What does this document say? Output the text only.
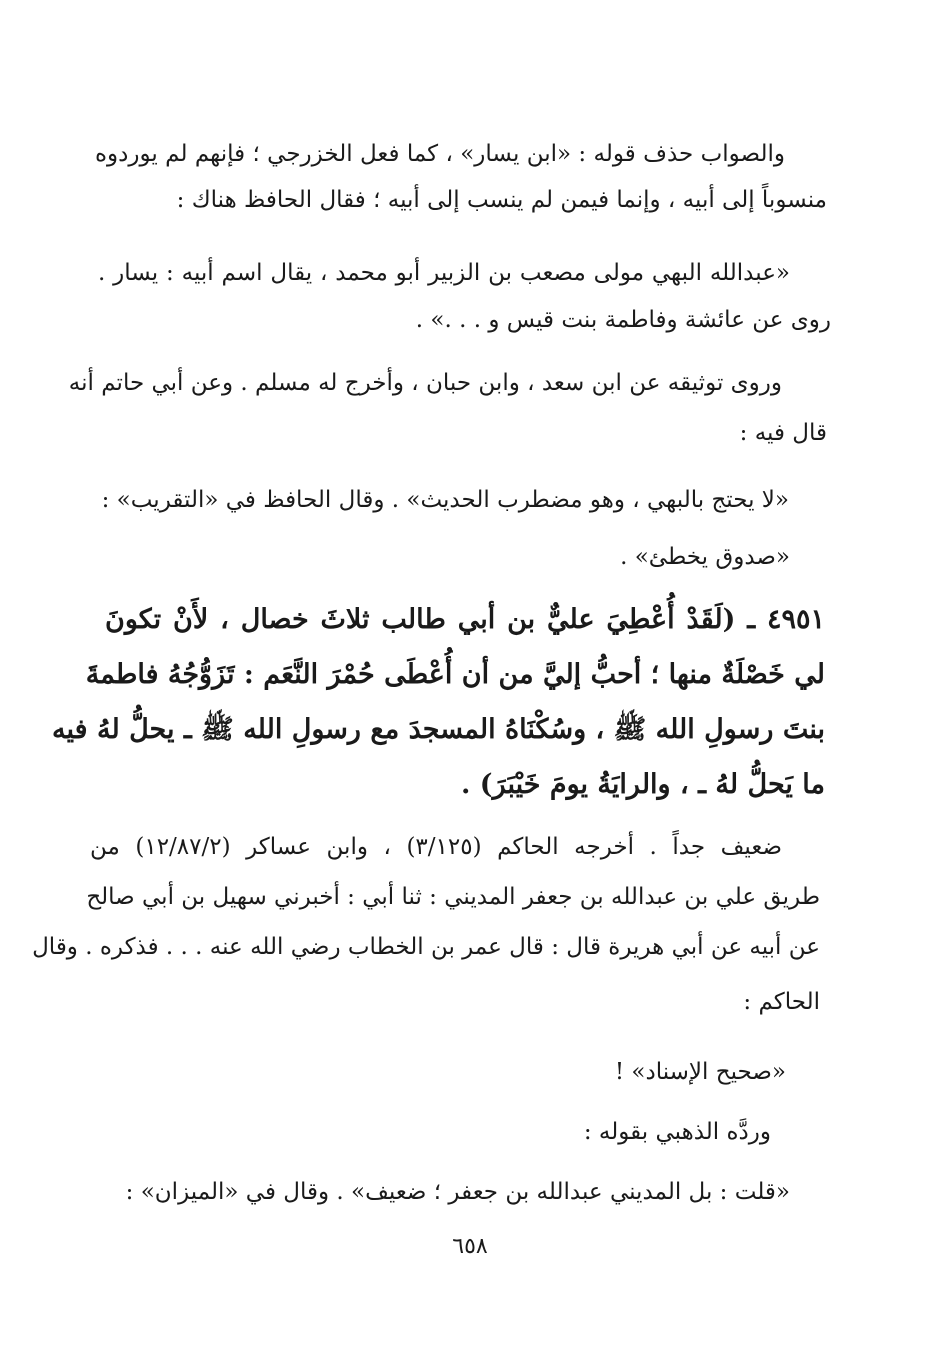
والصواب حذف قوله : «ابن يسار» ، كما فعل الخزرجي ؛ فإنهم لم يوردوه
منسوباً إلى أبيه ، وإنما فيمن لم ينسب إلى أبيه ؛ فقال الحافظ هناك :
«عبدالله البهي مولى مصعب بن الزبير أبو محمد ، يقال اسم أبيه : يسار .
روى عن عائشة وفاطمة بنت قيس و . . .» .
وروى توثيقه عن ابن سعد ، وابن حبان ، وأخرج له مسلم . وعن أبي حاتم أنه
قال فيه :
«لا يحتج بالبهي ، وهو مضطرب الحديث» . وقال الحافظ في «التقريب» :
«صدوق يخطئ» .
٤٩٥١ ـ (لَقَدْ أُعْطِيَ عليٌّ بن أبي طالب ثلاثَ خصال ، لأَنْ تكونَ
لي خَصْلَةٌ منها ؛ أحبُّ إليَّ من أن أُعْطَى حُمْرَ النَّعَم : تَزَوُّجُهُ فاطمةَ
بنتَ رسولِ الله ﷺ ، وسُكْنَاهُ المسجدَ مع رسولِ الله ﷺ ـ يحلُّ لهُ فيه
ما يَحلُّ لهُ ـ ، والرايَةُ يومَ خَيْبَرَ) .
ضعيف جداً . أخرجه الحاكم (٣/١٢٥) ، وابن عساكر (١٢/٨٧/٢) من
طريق علي بن عبدالله بن جعفر المديني : ثنا أبي : أخبرني سهيل بن أبي صالح
عن أبيه عن أبي هريرة قال : قال عمر بن الخطاب رضي الله عنه . . . فذكره . وقال
الحاكم :
«صحيح الإسناد» !
وردَّه الذهبي بقوله :
«قلت : بل المديني عبدالله بن جعفر ؛ ضعيف» . وقال في «الميزان» :
٦٥٨
